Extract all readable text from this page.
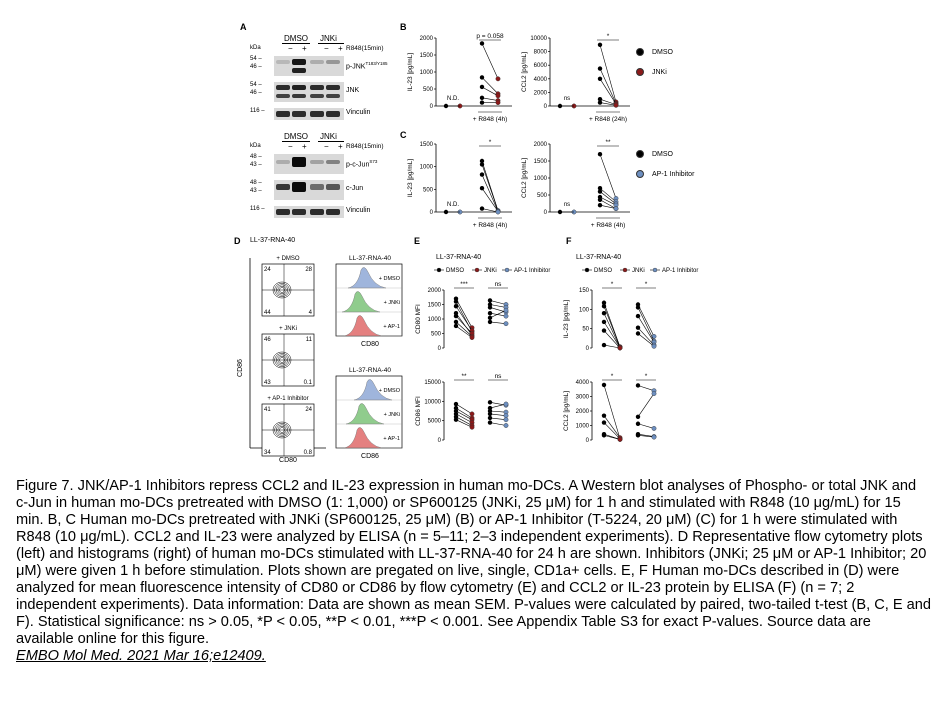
A
DMSO JNKi
kDa	− + − + R848(15min)
54 –
46 –	$p-JNK^{T183/Y185}$
54 –
46 –	JNK
116 –	Vinculin
DMSO JNKi
kDa	− + − + R848(15min)
48 –
43 –	p-c-Jun$^{S73}$
48 –
43 –	c-Jun
116 –	Vinculin
B
IL-23 [pg/mL]
2000
1500
1000
500
0
N.D.
p = 0.058
+ R848 (4h)
CCL2 [pg/mL]
10000
8000
6000
4000
2000
0
ns
*
+ R848 (24h)
DMSO
JNKi
C
IL-23 [pg/mL]
1500
1000
500
0
N.D.
*
+ R848 (4h)
CCL2 [pg/mL]
2000
1500
1000
500
0
ns
**
+ R848 (4h)
DMSO
AP-1 Inhibitor
D LL-37-RNA-40
CD86
CD80
+ DMSO
24	28
44	4
+ JNKi
46	11
43	0.1
+ AP-1 Inhibitor
41	24
34	0.8
LL-37-RNA-40
+ DMSO
+ JNKi
+ AP-1
CD80
LL-37-RNA-40
+ DMSO
+ JNKi
+ AP-1
CD86
E
LL-37-RNA-40
DMSO	JNKi	AP-1 Inhibitor
CD80 MFI
2000
1500
1000
500
0
***	ns
CD86 MFI
15000
10000
5000
0
**	ns
F
LL-37-RNA-40
DMSO	JNKi	AP-1 Inhibitor
IL-23 [pg/mL]
150
100
50
0
*	*
CCL2 [pg/mL]
4000
3000
2000
1000
0
*	*
Figure 7. JNK/AP-1 Inhibitors repress CCL2 and IL-23 expression in human mo-DCs. A Western blot analyses of Phospho- or total JNK and c-Jun in human mo-DCs pretreated with DMSO (1: 1,000) or SP600125 (JNKi, 25 μM) for 1 h and stimulated with R848 (10 μg/mL) for 15 min. B, C Human mo-DCs pretreated with JNKi (SP600125, 25 μM) (B) or AP-1 Inhibitor (T-5224, 20 μM) (C) for 1 h were stimulated with R848 (10 μg/mL). CCL2 and IL-23 were analyzed by ELISA (n = 5–11; 2–3 independent experiments). D Representative flow cytometry plots (left) and histograms (right) of human mo-DCs stimulated with LL-37-RNA-40 for 24 h are shown. Inhibitors (JNKi; 25 μM or AP-1 Inhibitor; 20 μM) were given 1 h before stimulation. Plots shown are pregated on live, single, CD1a+ cells. E, F Human mo-DCs described in (D) were analyzed for mean fluorescence intensity of CD80 or CD86 by flow cytometry (E) and CCL2 or IL-23 protein by ELISA (F) (n = 7; 2 independent experiments). Data information: Data are shown as mean SEM. P-values were calculated by paired, two-tailed t-test (B, C, E and F). Statistical significance: ns > 0.05, *P < 0.05, **P < 0.01, ***P < 0.001. See Appendix Table S3 for exact P-values. Source data are available online for this figure.
EMBO Mol Med. 2021 Mar 16;e12409.
